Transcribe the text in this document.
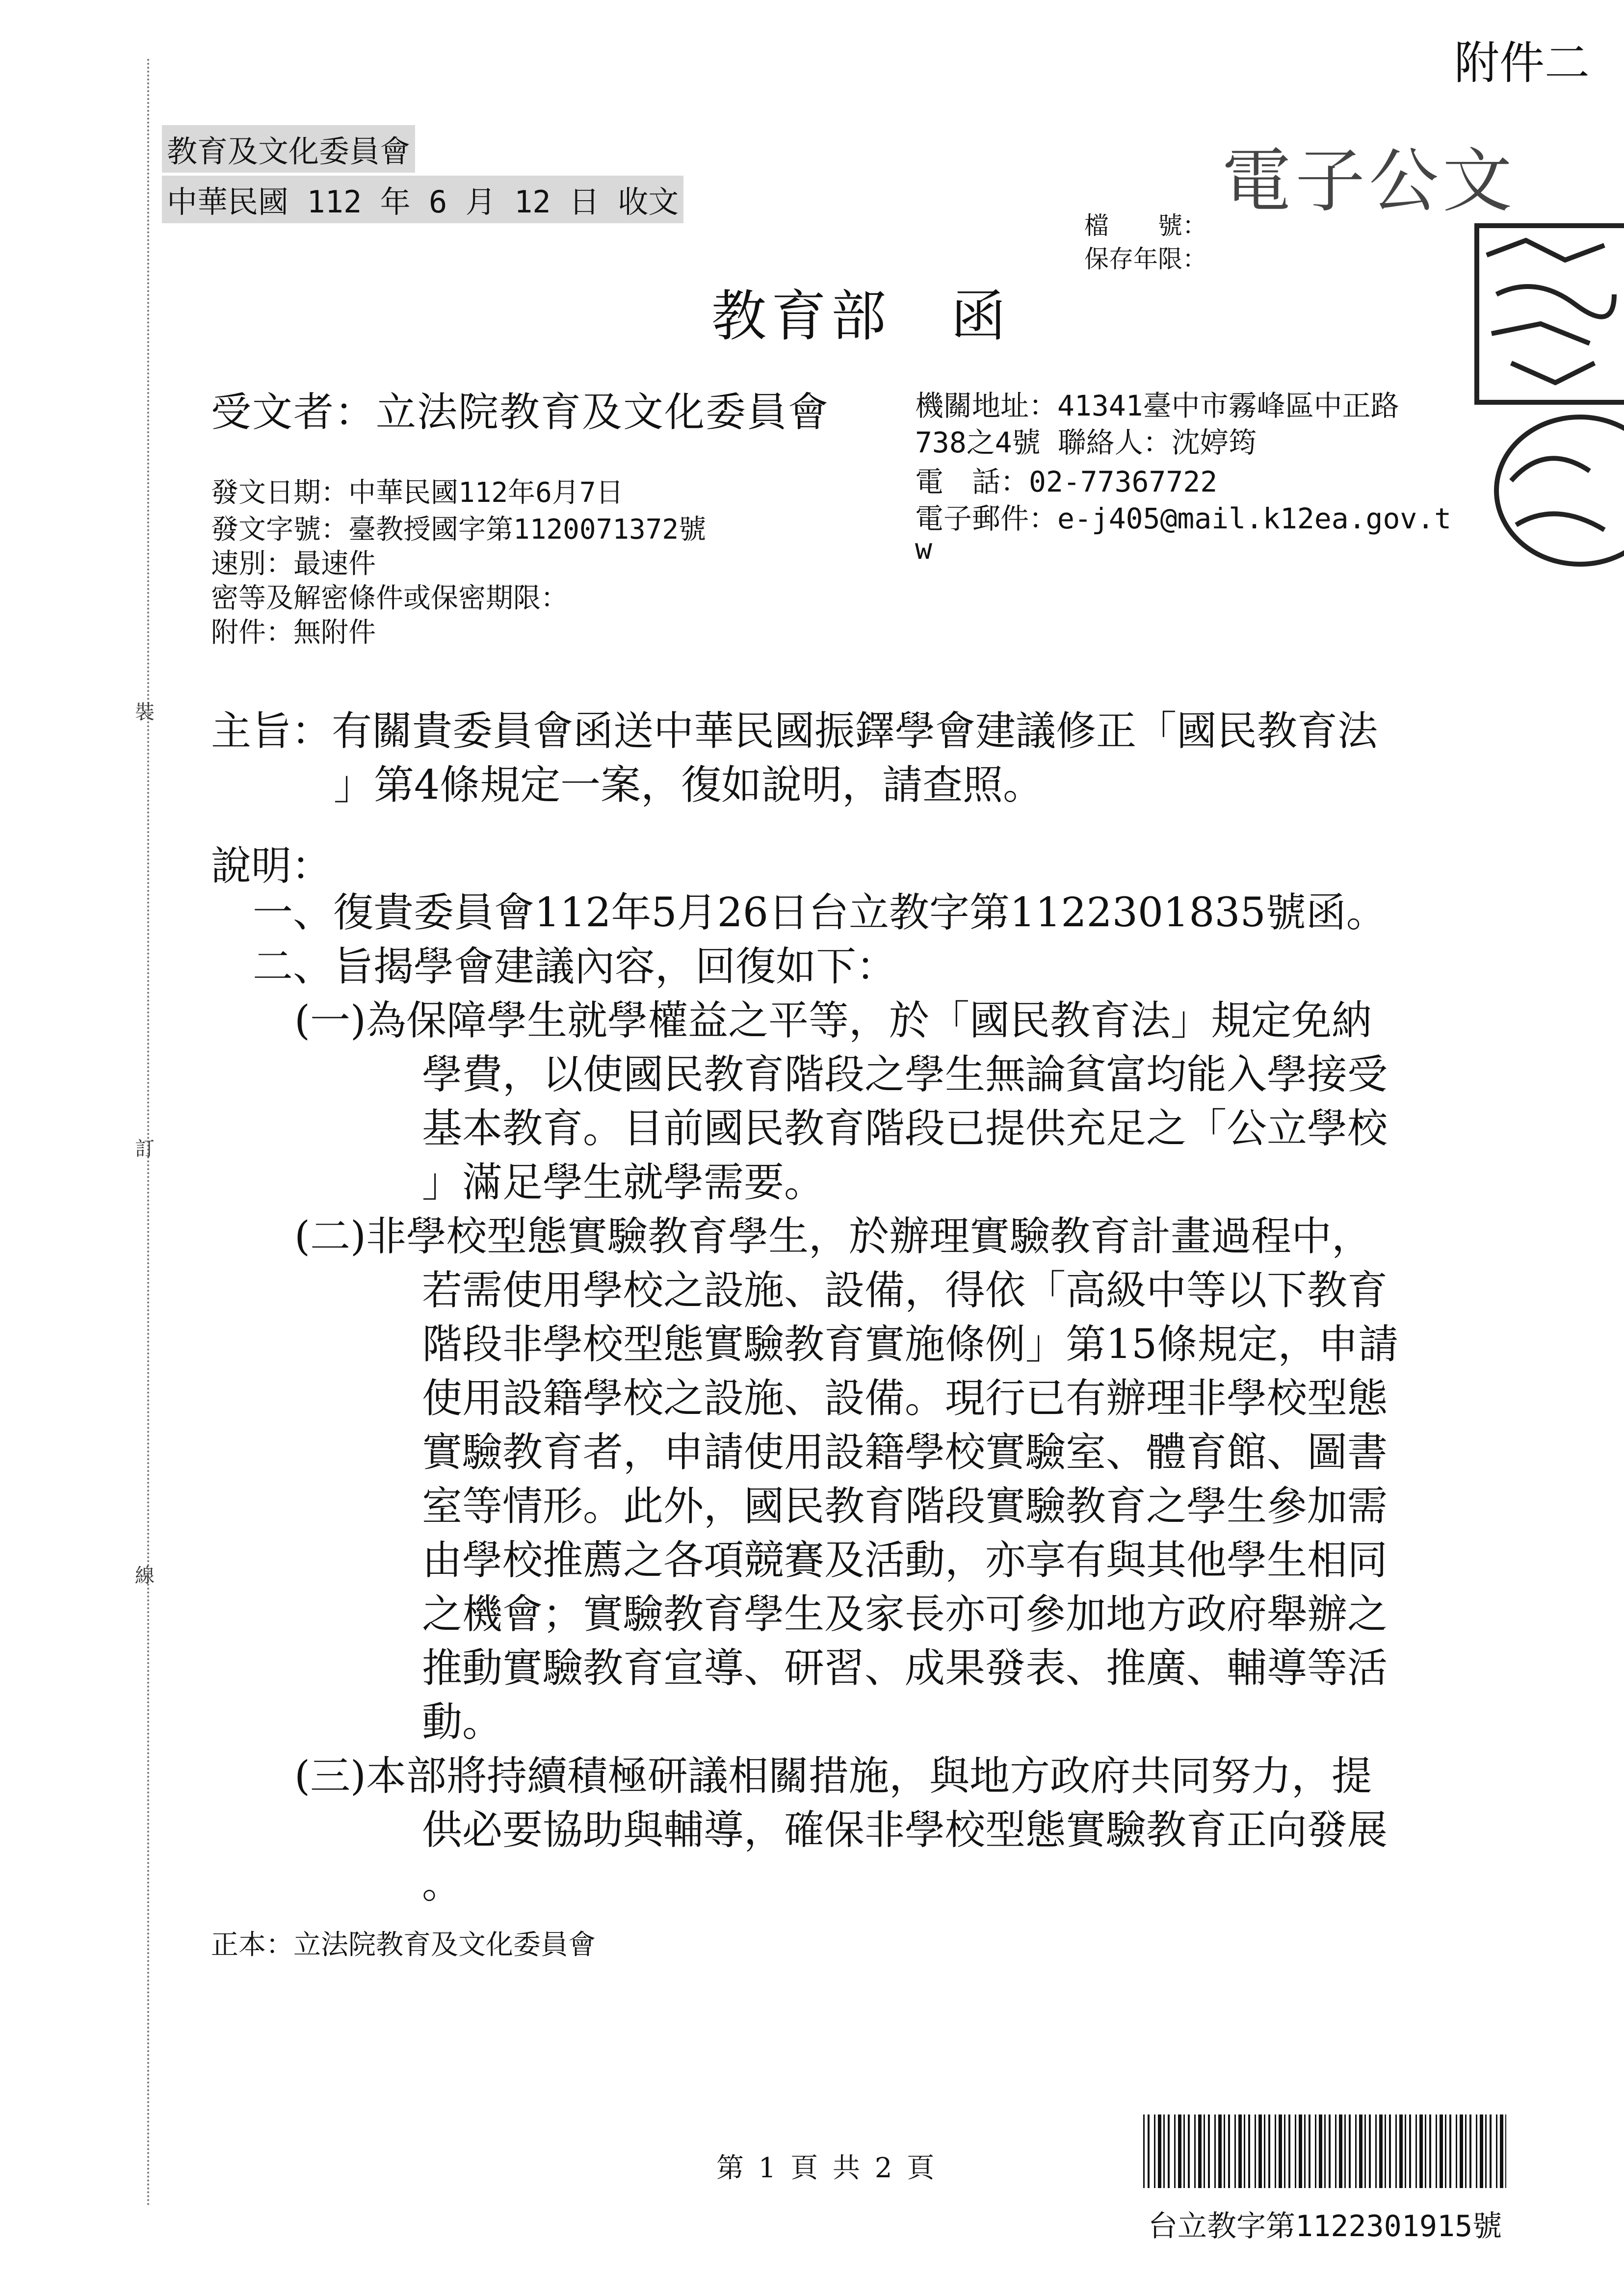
裝
訂
線
附件二
教育及文化委員會
中華民國 112 年 6 月 12 日 收文	電子公文
檔　　號：
保存年限：
教育部　函
受文者：立法院教育及文化委員會	機關地址：41341臺中市霧峰區中正路
738之4號 聯絡人：沈婷筠
電　話：02-77367722
電子郵件：e-j405@mail.k12ea.gov.t
w
發文日期：中華民國112年6月7日
發文字號：臺教授國字第1120071372號
速別：最速件
密等及解密條件或保密期限：
附件：無附件
主旨：有關貴委員會函送中華民國振鐸學會建議修正「國民教育法
」第4條規定一案，復如說明，請查照。
說明：
一、復貴委員會112年5月26日台立教字第1122301835號函。
二、旨揭學會建議內容，回復如下：
(一)為保障學生就學權益之平等，於「國民教育法」規定免納
學費，以使國民教育階段之學生無論貧富均能入學接受
基本教育。目前國民教育階段已提供充足之「公立學校
」滿足學生就學需要。
(二)非學校型態實驗教育學生，於辦理實驗教育計畫過程中，
若需使用學校之設施、設備，得依「高級中等以下教育
階段非學校型態實驗教育實施條例」第15條規定，申請
使用設籍學校之設施、設備。現行已有辦理非學校型態
實驗教育者，申請使用設籍學校實驗室、體育館、圖書
室等情形。此外，國民教育階段實驗教育之學生參加需
由學校推薦之各項競賽及活動，亦享有與其他學生相同
之機會；實驗教育學生及家長亦可參加地方政府舉辦之
推動實驗教育宣導、研習、成果發表、推廣、輔導等活
動。
(三)本部將持續積極研議相關措施，與地方政府共同努力，提
供必要協助與輔導，確保非學校型態實驗教育正向發展
。
正本：立法院教育及文化委員會
第 1 頁 共 2 頁
台立教字第1122301915號
